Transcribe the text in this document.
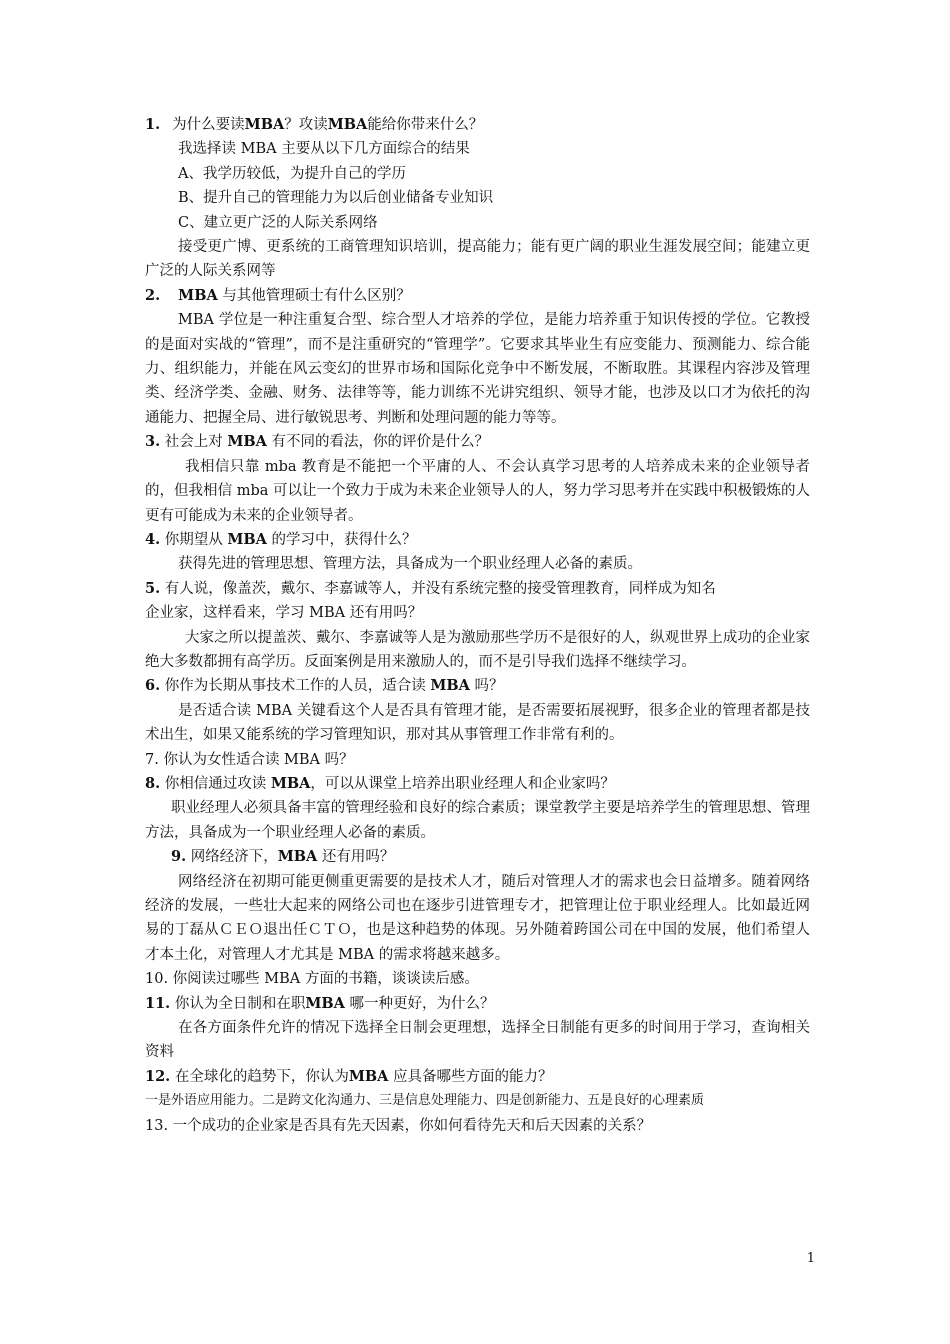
1. 为什么要读MBA？攻读MBA能给你带来什么？

我选择读 MBA 主要从以下几方面综合的结果

A、我学历较低，为提升自己的学历

B、提升自己的管理能力为以后创业储备专业知识

C、建立更广泛的人际关系网络

接受更广博、更系统的工商管理知识培训，提高能力；能有更广阔的职业生涯发展空间；能建立更广泛的人际关系网等

2. MBA 与其他管理硕士有什么区别？

MBA 学位是一种注重复合型、综合型人才培养的学位，是能力培养重于知识传授的学位。它教授的是面对实战的“管理”，而不是注重研究的“管理学”。它要求其毕业生有应变能力、预测能力、综合能力、组织能力，并能在风云变幻的世界市场和国际化竞争中不断发展，不断取胜。其课程内容涉及管理类、经济学类、金融、财务、法律等等，能力训练不光讲究组织、领导才能，也涉及以口才为依托的沟通能力、把握全局、进行敏锐思考、判断和处理问题的能力等等。

3. 社会上对 MBA 有不同的看法，你的评价是什么？

我相信只靠 mba 教育是不能把一个平庸的人、不会认真学习思考的人培养成未来的企业领导者的，但我相信 mba 可以让一个致力于成为未来企业领导人的人，努力学习思考并在实践中积极锻炼的人更有可能成为未来的企业领导者。

4. 你期望从 MBA 的学习中，获得什么？

获得先进的管理思想、管理方法，具备成为一个职业经理人必备的素质。

5. 有人说，像盖茨，戴尔、李嘉诚等人，并没有系统完整的接受管理教育，同样成为知名

企业家，这样看来，学习 MBA 还有用吗？

大家之所以提盖茨、戴尔、李嘉诚等人是为激励那些学历不是很好的人，纵观世界上成功的企业家绝大多数都拥有高学历。反面案例是用来激励人的，而不是引导我们选择不继续学习。

6. 你作为长期从事技术工作的人员，适合读 MBA 吗？

是否适合读 MBA 关键看这个人是否具有管理才能，是否需要拓展视野，很多企业的管理者都是技术出生，如果又能系统的学习管理知识，那对其从事管理工作非常有利的。

7. 你认为女性适合读 MBA 吗？

8. 你相信通过攻读 MBA，可以从课堂上培养出职业经理人和企业家吗？

职业经理人必须具备丰富的管理经验和良好的综合素质；课堂教学主要是培养学生的管理思想、管理方法，具备成为一个职业经理人必备的素质。

9. 网络经济下，MBA 还有用吗？

网络经济在初期可能更侧重更需要的是技术人才，随后对管理人才的需求也会日益增多。随着网络经济的发展，一些壮大起来的网络公司也在逐步引进管理专才，把管理让位于职业经理人。比如最近网易的丁磊从ＣＥＯ退出任ＣＴＯ，也是这种趋势的体现。另外随着跨国公司在中国的发展，他们希望人才本土化，对管理人才尤其是 MBA 的需求将越来越多。

10. 你阅读过哪些 MBA 方面的书籍，谈谈读后感。

11. 你认为全日制和在职MBA 哪一种更好，为什么？

在各方面条件允许的情况下选择全日制会更理想，选择全日制能有更多的时间用于学习，查询相关资料

12. 在全球化的趋势下，你认为MBA 应具备哪些方面的能力？

一是外语应用能力。二是跨文化沟通力、三是信息处理能力、四是创新能力、五是良好的心理素质

13. 一个成功的企业家是否具有先天因素，你如何看待先天和后天因素的关系？

1
